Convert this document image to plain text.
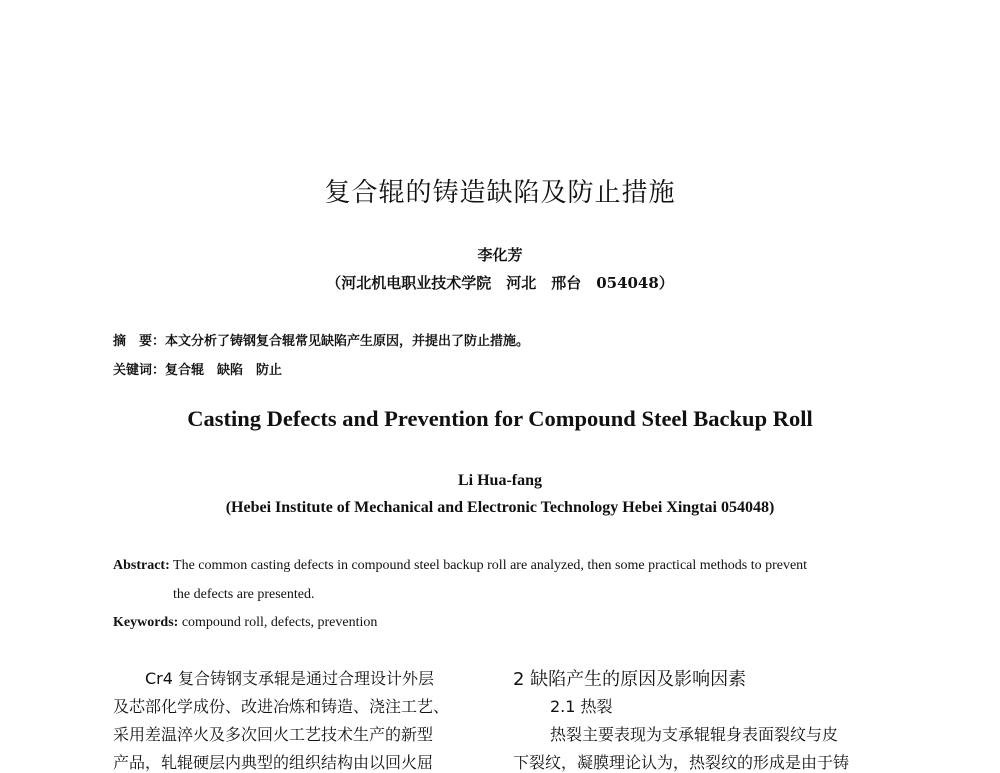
复合辊的铸造缺陷及防止措施
李化芳
（河北机电职业技术学院　河北　邢台　054048）
摘　要：本文分析了铸钢复合辊常见缺陷产生原因，并提出了防止措施。
关键词：复合辊　缺陷　防止
Casting Defects and Prevention for Compound Steel Backup Roll
Li Hua-fang
(Hebei Institute of Mechanical and Electronic Technology Hebei Xingtai 054048)
Abstract: The common casting defects in compound steel backup roll are analyzed, then some practical methods to prevent
the defects are presented.
Keywords: compound roll, defects, prevention
Cr4 复合铸钢支承辊是通过合理设计外层
及芯部化学成份、改进冶炼和铸造、浇注工艺、
采用差温淬火及多次回火工艺技术生产的新型
产品，轧辊硬层内典型的组织结构由以回火屈
2 缺陷产生的原因及影响因素
2.1 热裂
热裂主要表现为支承辊辊身表面裂纹与皮
下裂纹，凝膜理论认为，热裂纹的形成是由于铸
